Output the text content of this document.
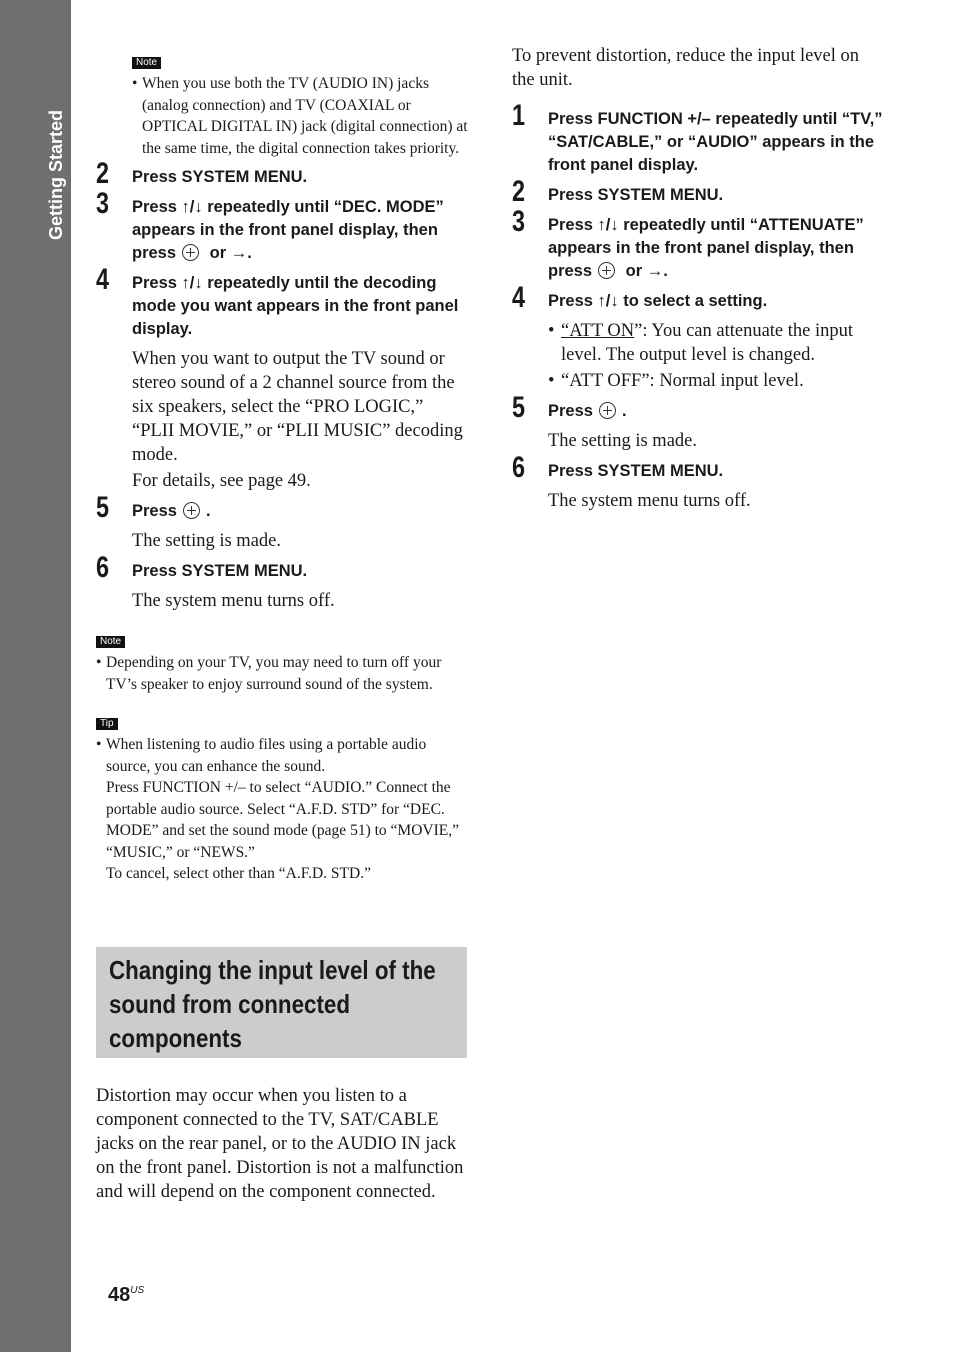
Getting Started
Note
• When you use both the TV (AUDIO IN) jacks (analog connection) and TV (COAXIAL or OPTICAL DIGITAL IN) jack (digital connection) at the same time, the digital connection takes priority.
2 Press SYSTEM MENU.
3 Press ↑/↓ repeatedly until “DEC. MODE” appears in the front panel display, then press or →.
4 Press ↑/↓ repeatedly until the decoding mode you want appears in the front panel display.

When you want to output the TV sound or stereo sound of a 2 channel source from the six speakers, select the “PRO LOGIC,” “PLII MOVIE,” or “PLII MUSIC” decoding mode.

For details, see page 49.

5 Press .

The setting is made.

6 Press SYSTEM MENU.

The system menu turns off.

Note
• Depending on your TV, you may need to turn off your TV’s speaker to enjoy surround sound of the system.
Tip
• When listening to audio files using a portable audio source, you can enhance the sound.
Press FUNCTION +/– to select “AUDIO.” Connect the portable audio source. Select “A.F.D. STD” for “DEC. MODE” and set the sound mode (page 51) to “MOVIE,” “MUSIC,” or “NEWS.”
To cancel, select other than “A.F.D. STD.”
Changing the input level of the sound from connected components
Distortion may occur when you listen to a component connected to the TV, SAT/CABLE jacks on the rear panel, or to the AUDIO IN jack on the front panel. Distortion is not a malfunction and will depend on the component connected.
$48^{US}$
To prevent distortion, reduce the input level on the unit.
1 Press FUNCTION +/– repeatedly until “TV,” “SAT/CABLE,” or “AUDIO” appears in the front panel display.
2 Press SYSTEM MENU.
3 Press ↑/↓ repeatedly until “ATTENUATE” appears in the front panel display, then press or →.
4 Press ↑/↓ to select a setting.
• “ATT ON”: You can attenuate the input level. The output level is changed.
• “ATT OFF”: Normal input level.
5 Press .

The setting is made.

6 Press SYSTEM MENU.

The system menu turns off.
